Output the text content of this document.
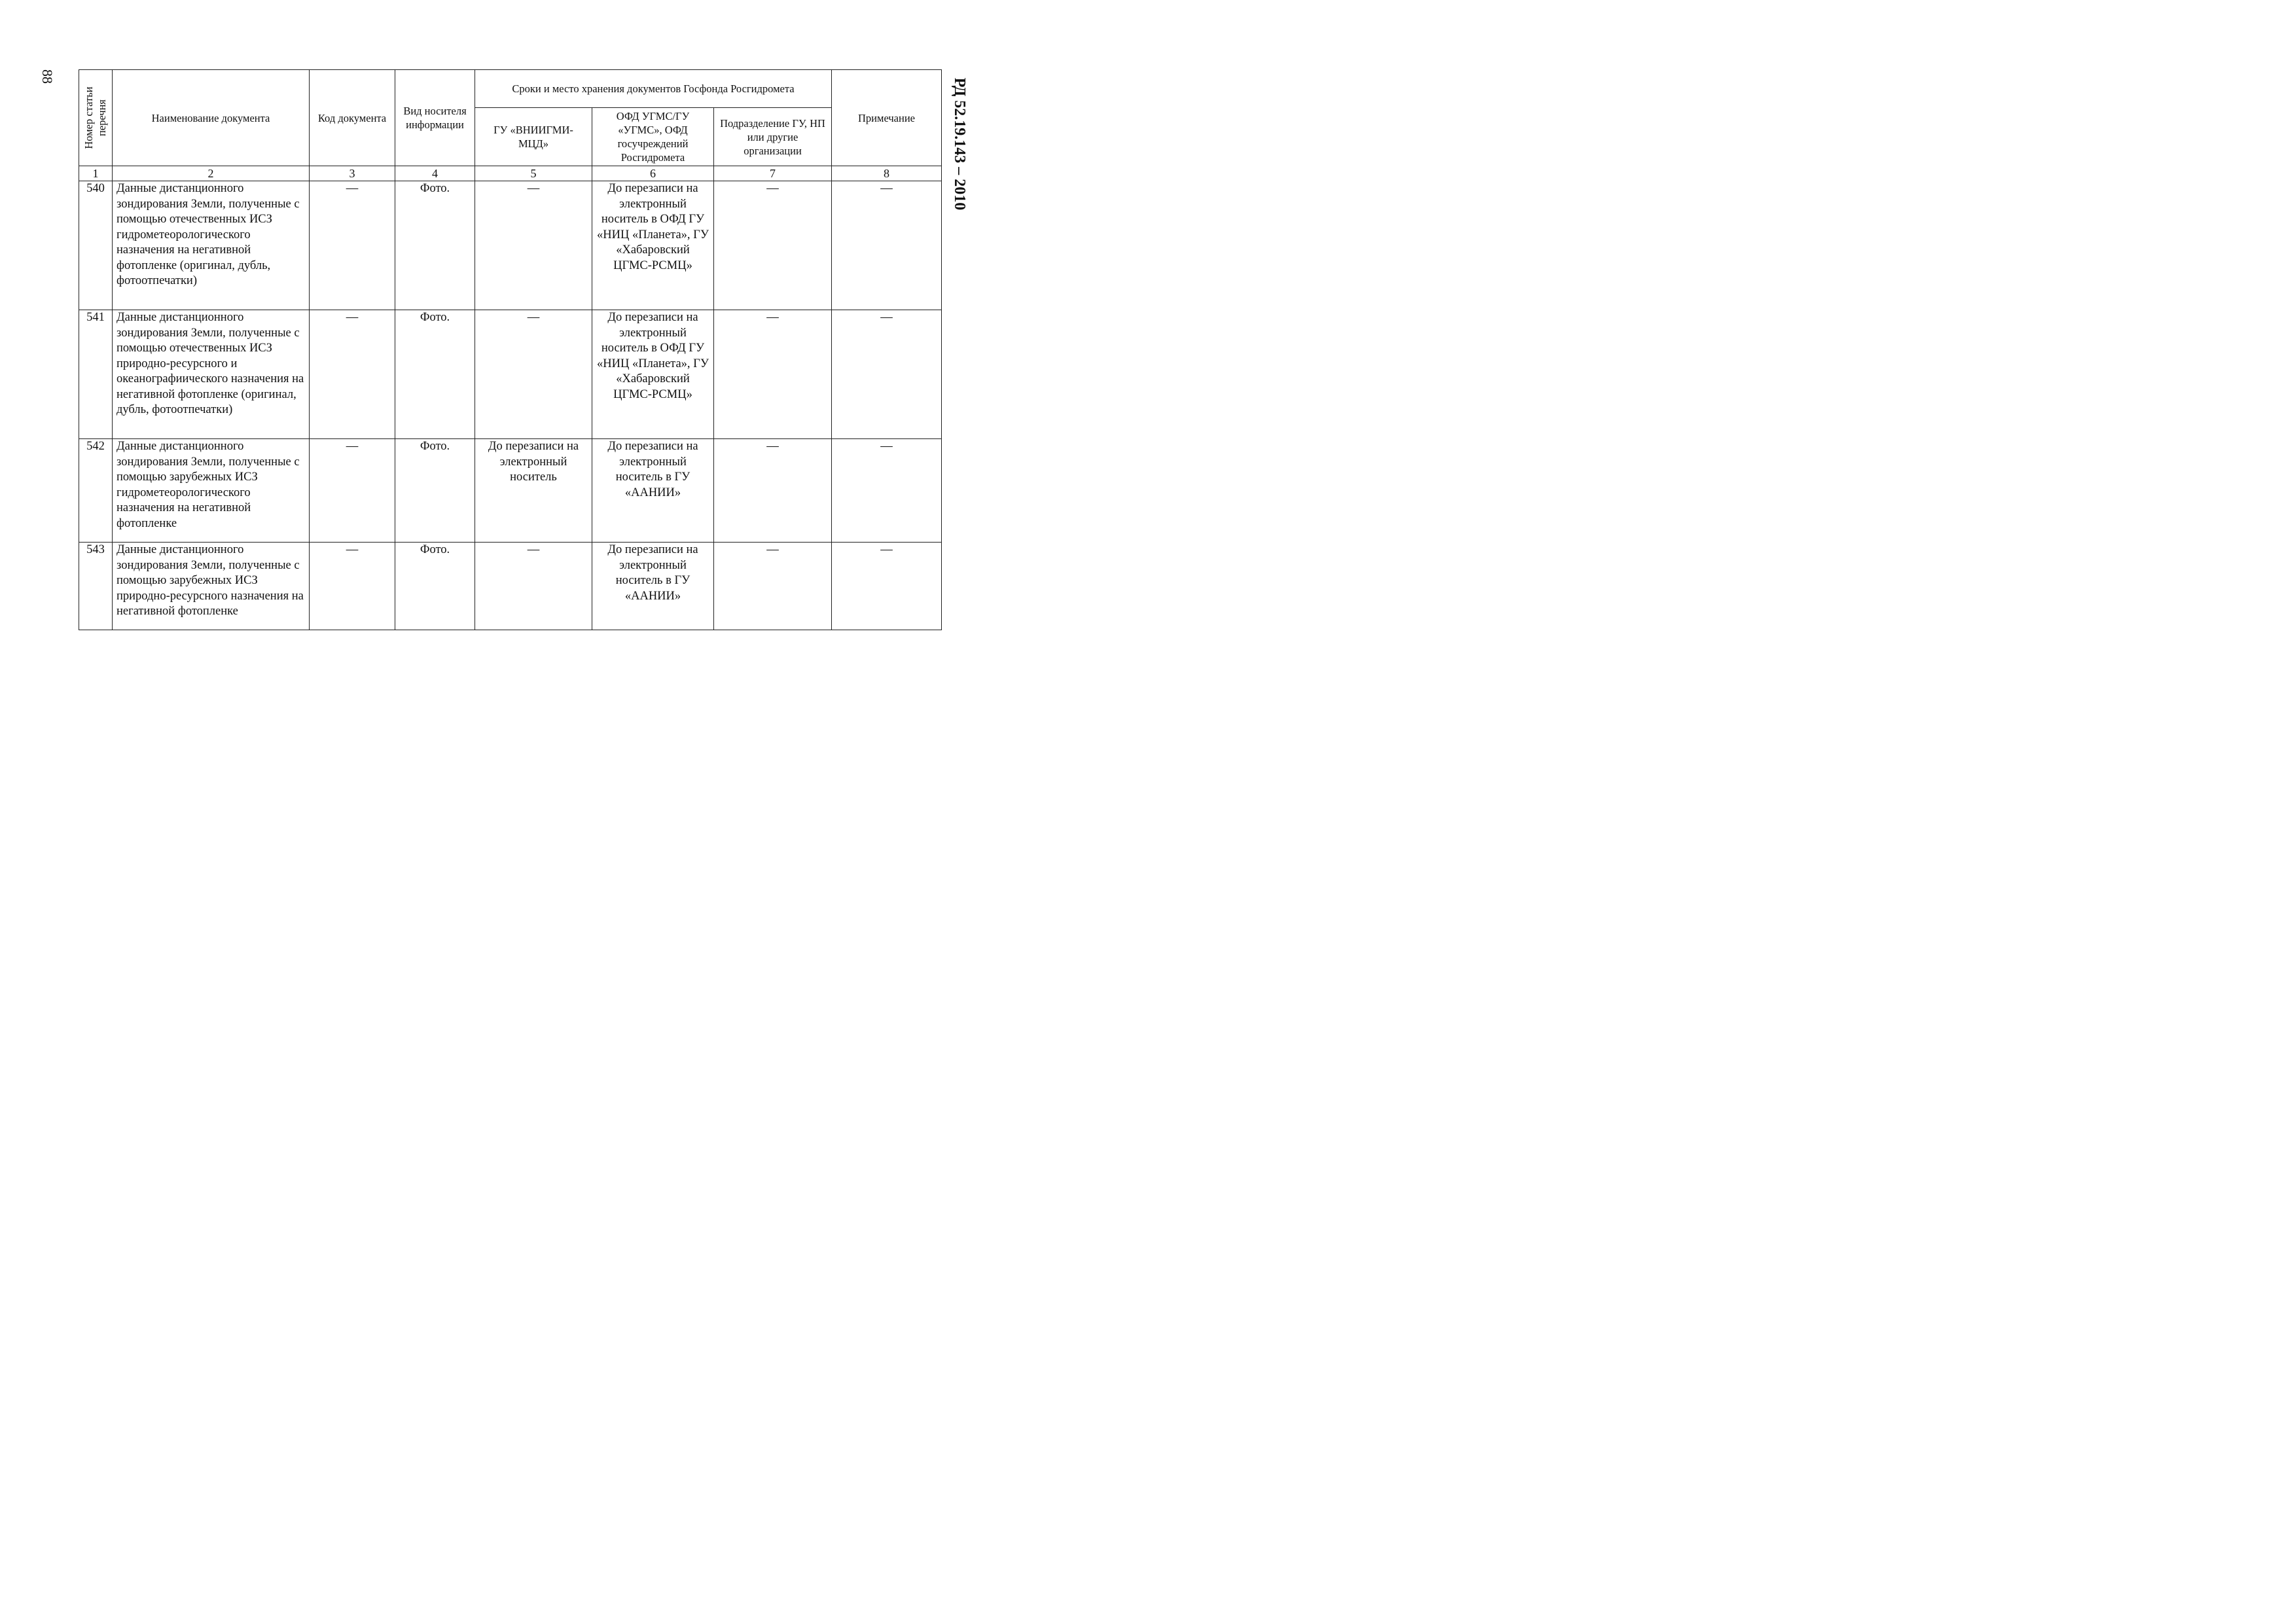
88
РД 52.19.143 – 2010
Номер статьи перечня	Наименование документа	Код документа	Вид носителя информации	Сроки и место хранения документов Госфонда Росгидромета			Примечание
				ГУ «ВНИИГМИ-МЦД»	ОФД УГМС/ГУ «УГМС», ОФД госучреждений Росгидромета	Подразделение ГУ, НП или другие организации	
1	2	3	4	5	6	7	8
540	Данные дистанционного зондирования Земли, полученные с помощью отечественных ИСЗ гидрометеорологического назначения на негативной фотопленке (оригинал, дубль, фотоотпечатки)	—	Фото.	—	До перезаписи на электронный носитель в ОФД ГУ «НИЦ «Планета», ГУ «Хабаровский ЦГМС-РСМЦ»	—	—
541	Данные дистанционного зондирования Земли, полученные с помощью отечественных ИСЗ природно-ресурсного и океанографиического назначения на негативной фотопленке (оригинал, дубль, фотоотпечатки)	—	Фото.	—	До перезаписи на электронный носитель в ОФД ГУ «НИЦ «Планета», ГУ «Хабаровский ЦГМС-РСМЦ»	—	—
542	Данные дистанционного зондирования Земли, полученные с помощью зарубежных ИСЗ гидрометеорологического назначения на негативной фотопленке	—	Фото.	До перезаписи на электронный носитель	До перезаписи на электронный носитель в ГУ «ААНИИ»	—	—
543	Данные дистанционного зондирования Земли, полученные с помощью зарубежных ИСЗ природно-ресурсного назначения на негативной фотопленке	—	Фото.	—	До перезаписи на электронный носитель в ГУ «ААНИИ»	—	—
